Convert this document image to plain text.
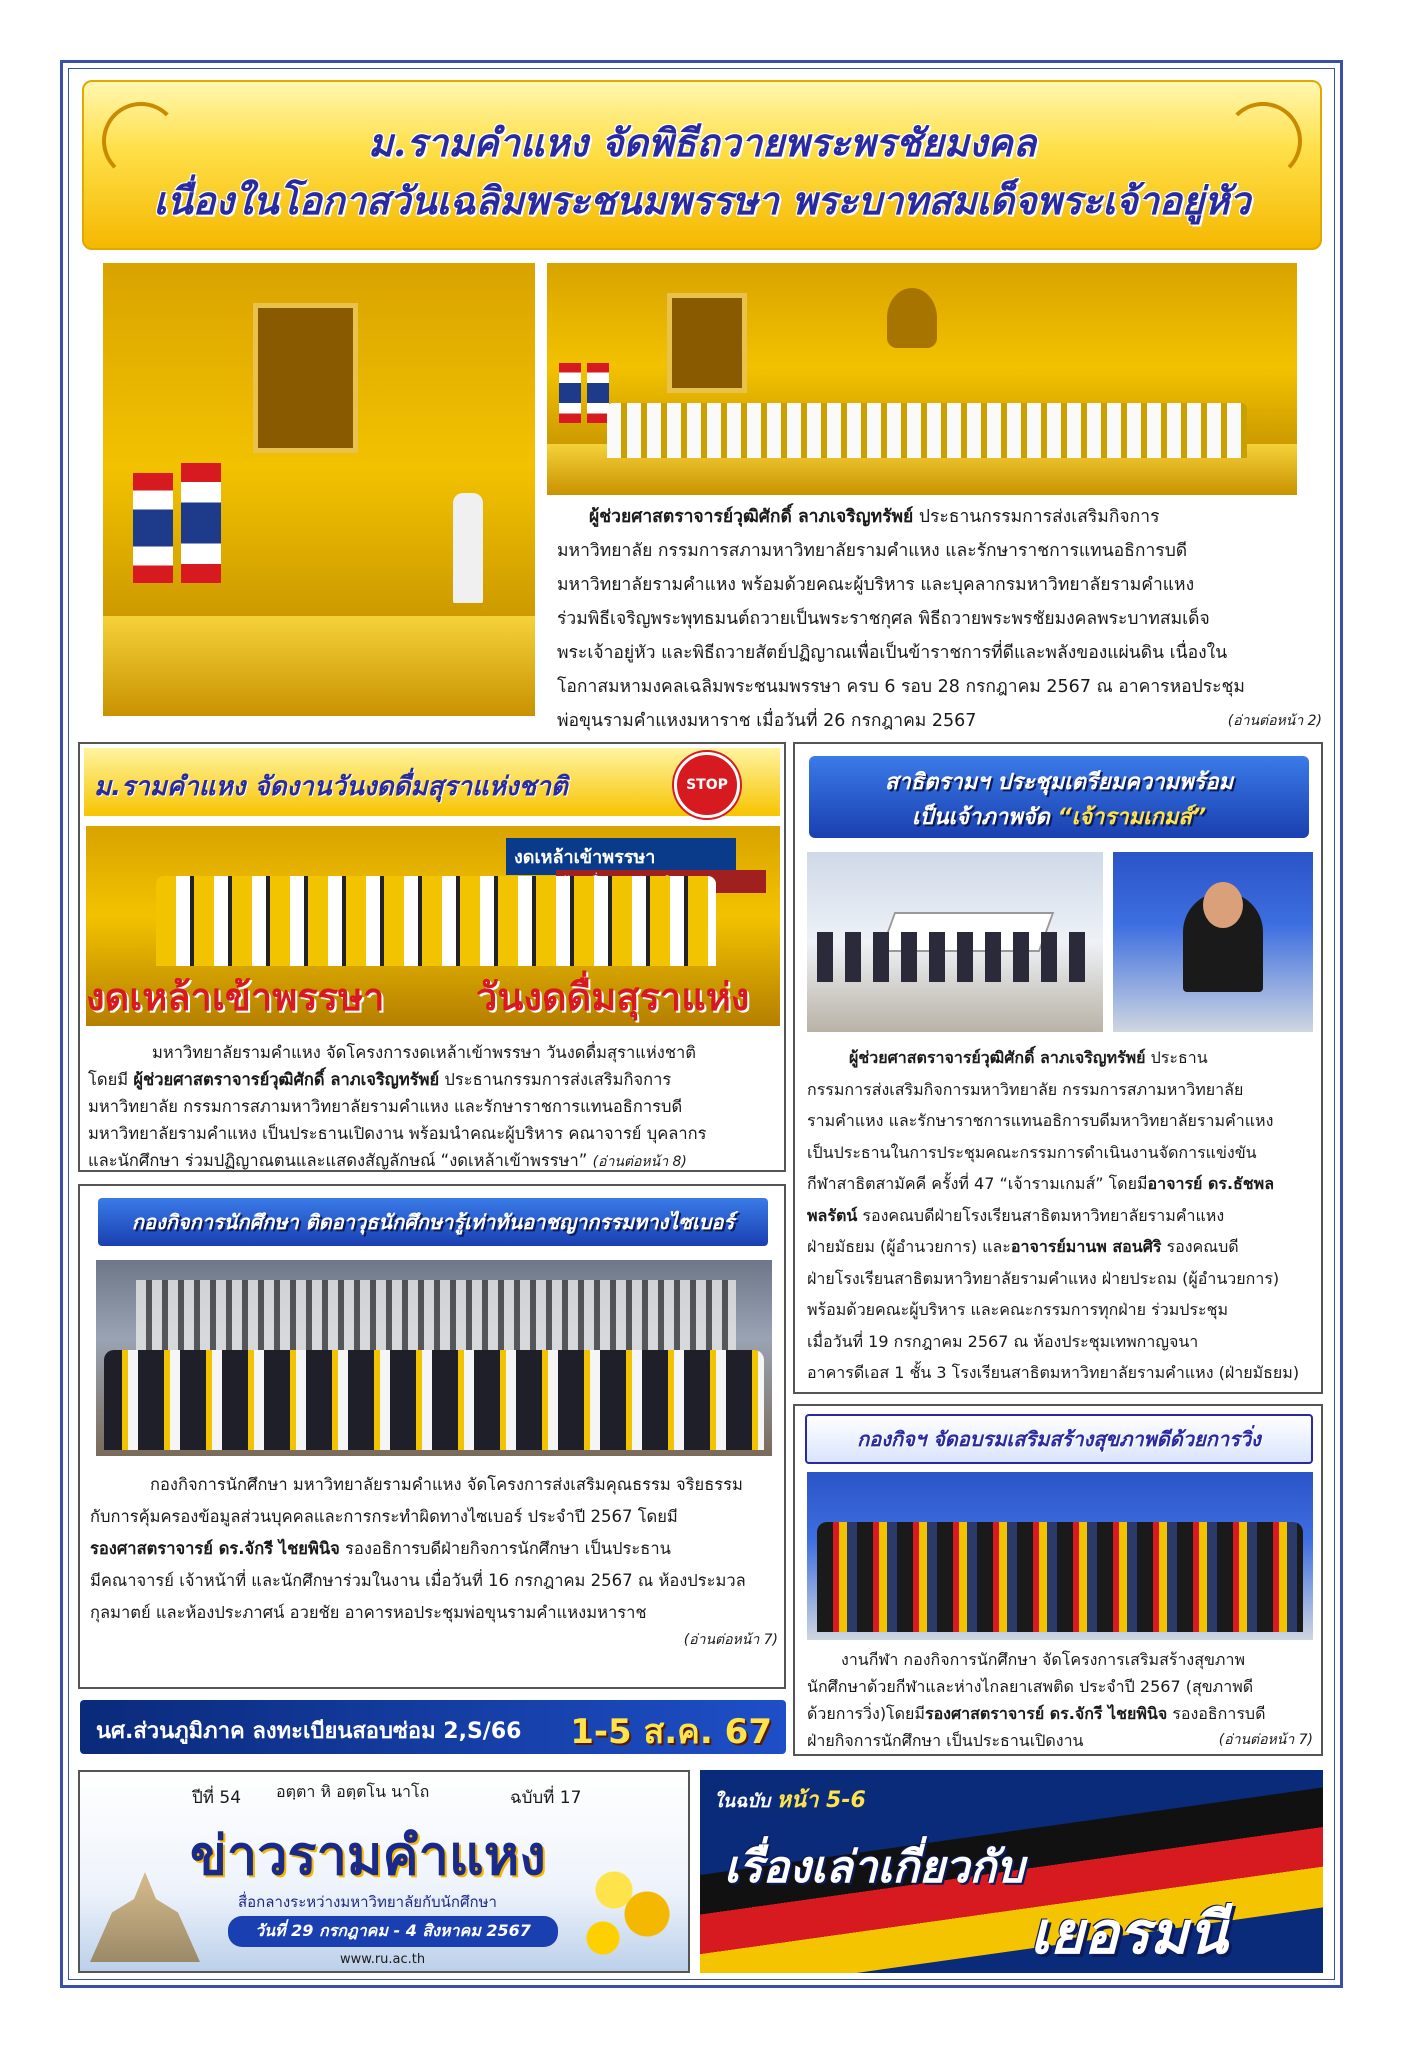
ม.รามคำแหง จัดพิธีถวายพระพรชัยมงคล
เนื่องในโอกาสวันเฉลิมพระชนมพรรษา พระบาทสมเด็จพระเจ้าอยู่หัว
ผู้ช่วยศาสตราจารย์วุฒิศักดิ์ ลาภเจริญทรัพย์ ประธานกรรมการส่งเสริมกิจการ
มหาวิทยาลัย กรรมการสภามหาวิทยาลัยรามคำแหง และรักษาราชการแทนอธิการบดี
มหาวิทยาลัยรามคำแหง พร้อมด้วยคณะผู้บริหาร และบุคลากรมหาวิทยาลัยรามคำแหง
ร่วมพิธีเจริญพระพุทธมนต์ถวายเป็นพระราชกุศล พิธีถวายพระพรชัยมงคลพระบาทสมเด็จ
พระเจ้าอยู่หัว และพิธีถวายสัตย์ปฏิญาณเพื่อเป็นข้าราชการที่ดีและพลังของแผ่นดิน เนื่องใน
โอกาสมหามงคลเฉลิมพระชนมพรรษา ครบ 6 รอบ 28 กรกฎาคม 2567 ณ อาคารหอประชุม
พ่อขุนรามคำแหงมหาราช เมื่อวันที่ 26 กรกฎาคม 2567	(อ่านต่อหน้า 2)
ม.รามคำแหง จัดงานวันงดดื่มสุราแห่งชาติ	STOP
งดเหล้าเข้าพรรษา
งดเหล้าเข้าพรรษา วันงดดื่มสุราแห่ง
มหาวิทยาลัยรามคำแหง จัดโครงการงดเหล้าเข้าพรรษา วันงดดื่มสุราแห่งชาติ
โดยมี ผู้ช่วยศาสตราจารย์วุฒิศักดิ์ ลาภเจริญทรัพย์ ประธานกรรมการส่งเสริมกิจการ
มหาวิทยาลัย กรรมการสภามหาวิทยาลัยรามคำแหง และรักษาราชการแทนอธิการบดี
มหาวิทยาลัยรามคำแหง เป็นประธานเปิดงาน พร้อมนำคณะผู้บริหาร คณาจารย์ บุคลากร
และนักศึกษา ร่วมปฏิญาณตนและแสดงสัญลักษณ์ “งดเหล้าเข้าพรรษา” (อ่านต่อหน้า 8)
สาธิตรามฯ ประชุมเตรียมความพร้อม
เป็นเจ้าภาพจัด “เจ้ารามเกมส์”
ผู้ช่วยศาสตราจารย์วุฒิศักดิ์ ลาภเจริญทรัพย์ ประธาน
กรรมการส่งเสริมกิจการมหาวิทยาลัย กรรมการสภามหาวิทยาลัย
รามคำแหง และรักษาราชการแทนอธิการบดีมหาวิทยาลัยรามคำแหง
เป็นประธานในการประชุมคณะกรรมการดำเนินงานจัดการแข่งขัน
กีฬาสาธิตสามัคคี ครั้งที่ 47 “เจ้ารามเกมส์” โดยมีอาจารย์ ดร.ธัชพล
พลรัตน์ รองคณบดีฝ่ายโรงเรียนสาธิตมหาวิทยาลัยรามคำแหง
ฝ่ายมัธยม (ผู้อำนวยการ) และอาจารย์มานพ สอนศิริ รองคณบดี
ฝ่ายโรงเรียนสาธิตมหาวิทยาลัยรามคำแหง ฝ่ายประถม (ผู้อำนวยการ)
พร้อมด้วยคณะผู้บริหาร และคณะกรรมการทุกฝ่าย ร่วมประชุม
เมื่อวันที่ 19 กรกฎาคม 2567 ณ ห้องประชุมเทพกาญจนา
อาคารดีเอส 1 ชั้น 3 โรงเรียนสาธิตมหาวิทยาลัยรามคำแหง (ฝ่ายมัธยม)
กองกิจการนักศึกษา ติดอาวุธนักศึกษารู้เท่าทันอาชญากรรมทางไซเบอร์
กองกิจการนักศึกษา มหาวิทยาลัยรามคำแหง จัดโครงการส่งเสริมคุณธรรม จริยธรรม
กับการคุ้มครองข้อมูลส่วนบุคคลและการกระทำผิดทางไซเบอร์ ประจำปี 2567 โดยมี
รองศาสตราจารย์ ดร.จักรี ไชยพินิจ รองอธิการบดีฝ่ายกิจการนักศึกษา เป็นประธาน
มีคณาจารย์ เจ้าหน้าที่ และนักศึกษาร่วมในงาน เมื่อวันที่ 16 กรกฎาคม 2567 ณ ห้องประมวล
กุลมาตย์ และห้องประภาศน์ อวยชัย อาคารหอประชุมพ่อขุนรามคำแหงมหาราช
(อ่านต่อหน้า 7)
นศ.ส่วนภูมิภาค ลงทะเบียนสอบซ่อม 2,S/66 1-5 ส.ค. 67
กองกิจฯ จัดอบรมเสริมสร้างสุขภาพดีด้วยการวิ่ง
งานกีฬา กองกิจการนักศึกษา จัดโครงการเสริมสร้างสุขภาพ
นักศึกษาด้วยกีฬาและห่างไกลยาเสพติด ประจำปี 2567 (สุขภาพดี
ด้วยการวิ่ง)โดยมีรองศาสตราจารย์ ดร.จักรี ไชยพินิจ รองอธิการบดี
ฝ่ายกิจการนักศึกษา เป็นประธานเปิดงาน	(อ่านต่อหน้า 7)
ปีที่ 54 อตฺตา หิ อตฺตโน นาโถ	ฉบับที่ 17
ข่าวรามคำแหง
สื่อกลางระหว่างมหาวิทยาลัยกับนักศึกษา
วันที่ 29 กรกฎาคม - 4 สิงหาคม 2567
www.ru.ac.th
ในฉบับ หน้า 5-6
เรื่องเล่าเกี่ยวกับ
เยอรมนี
